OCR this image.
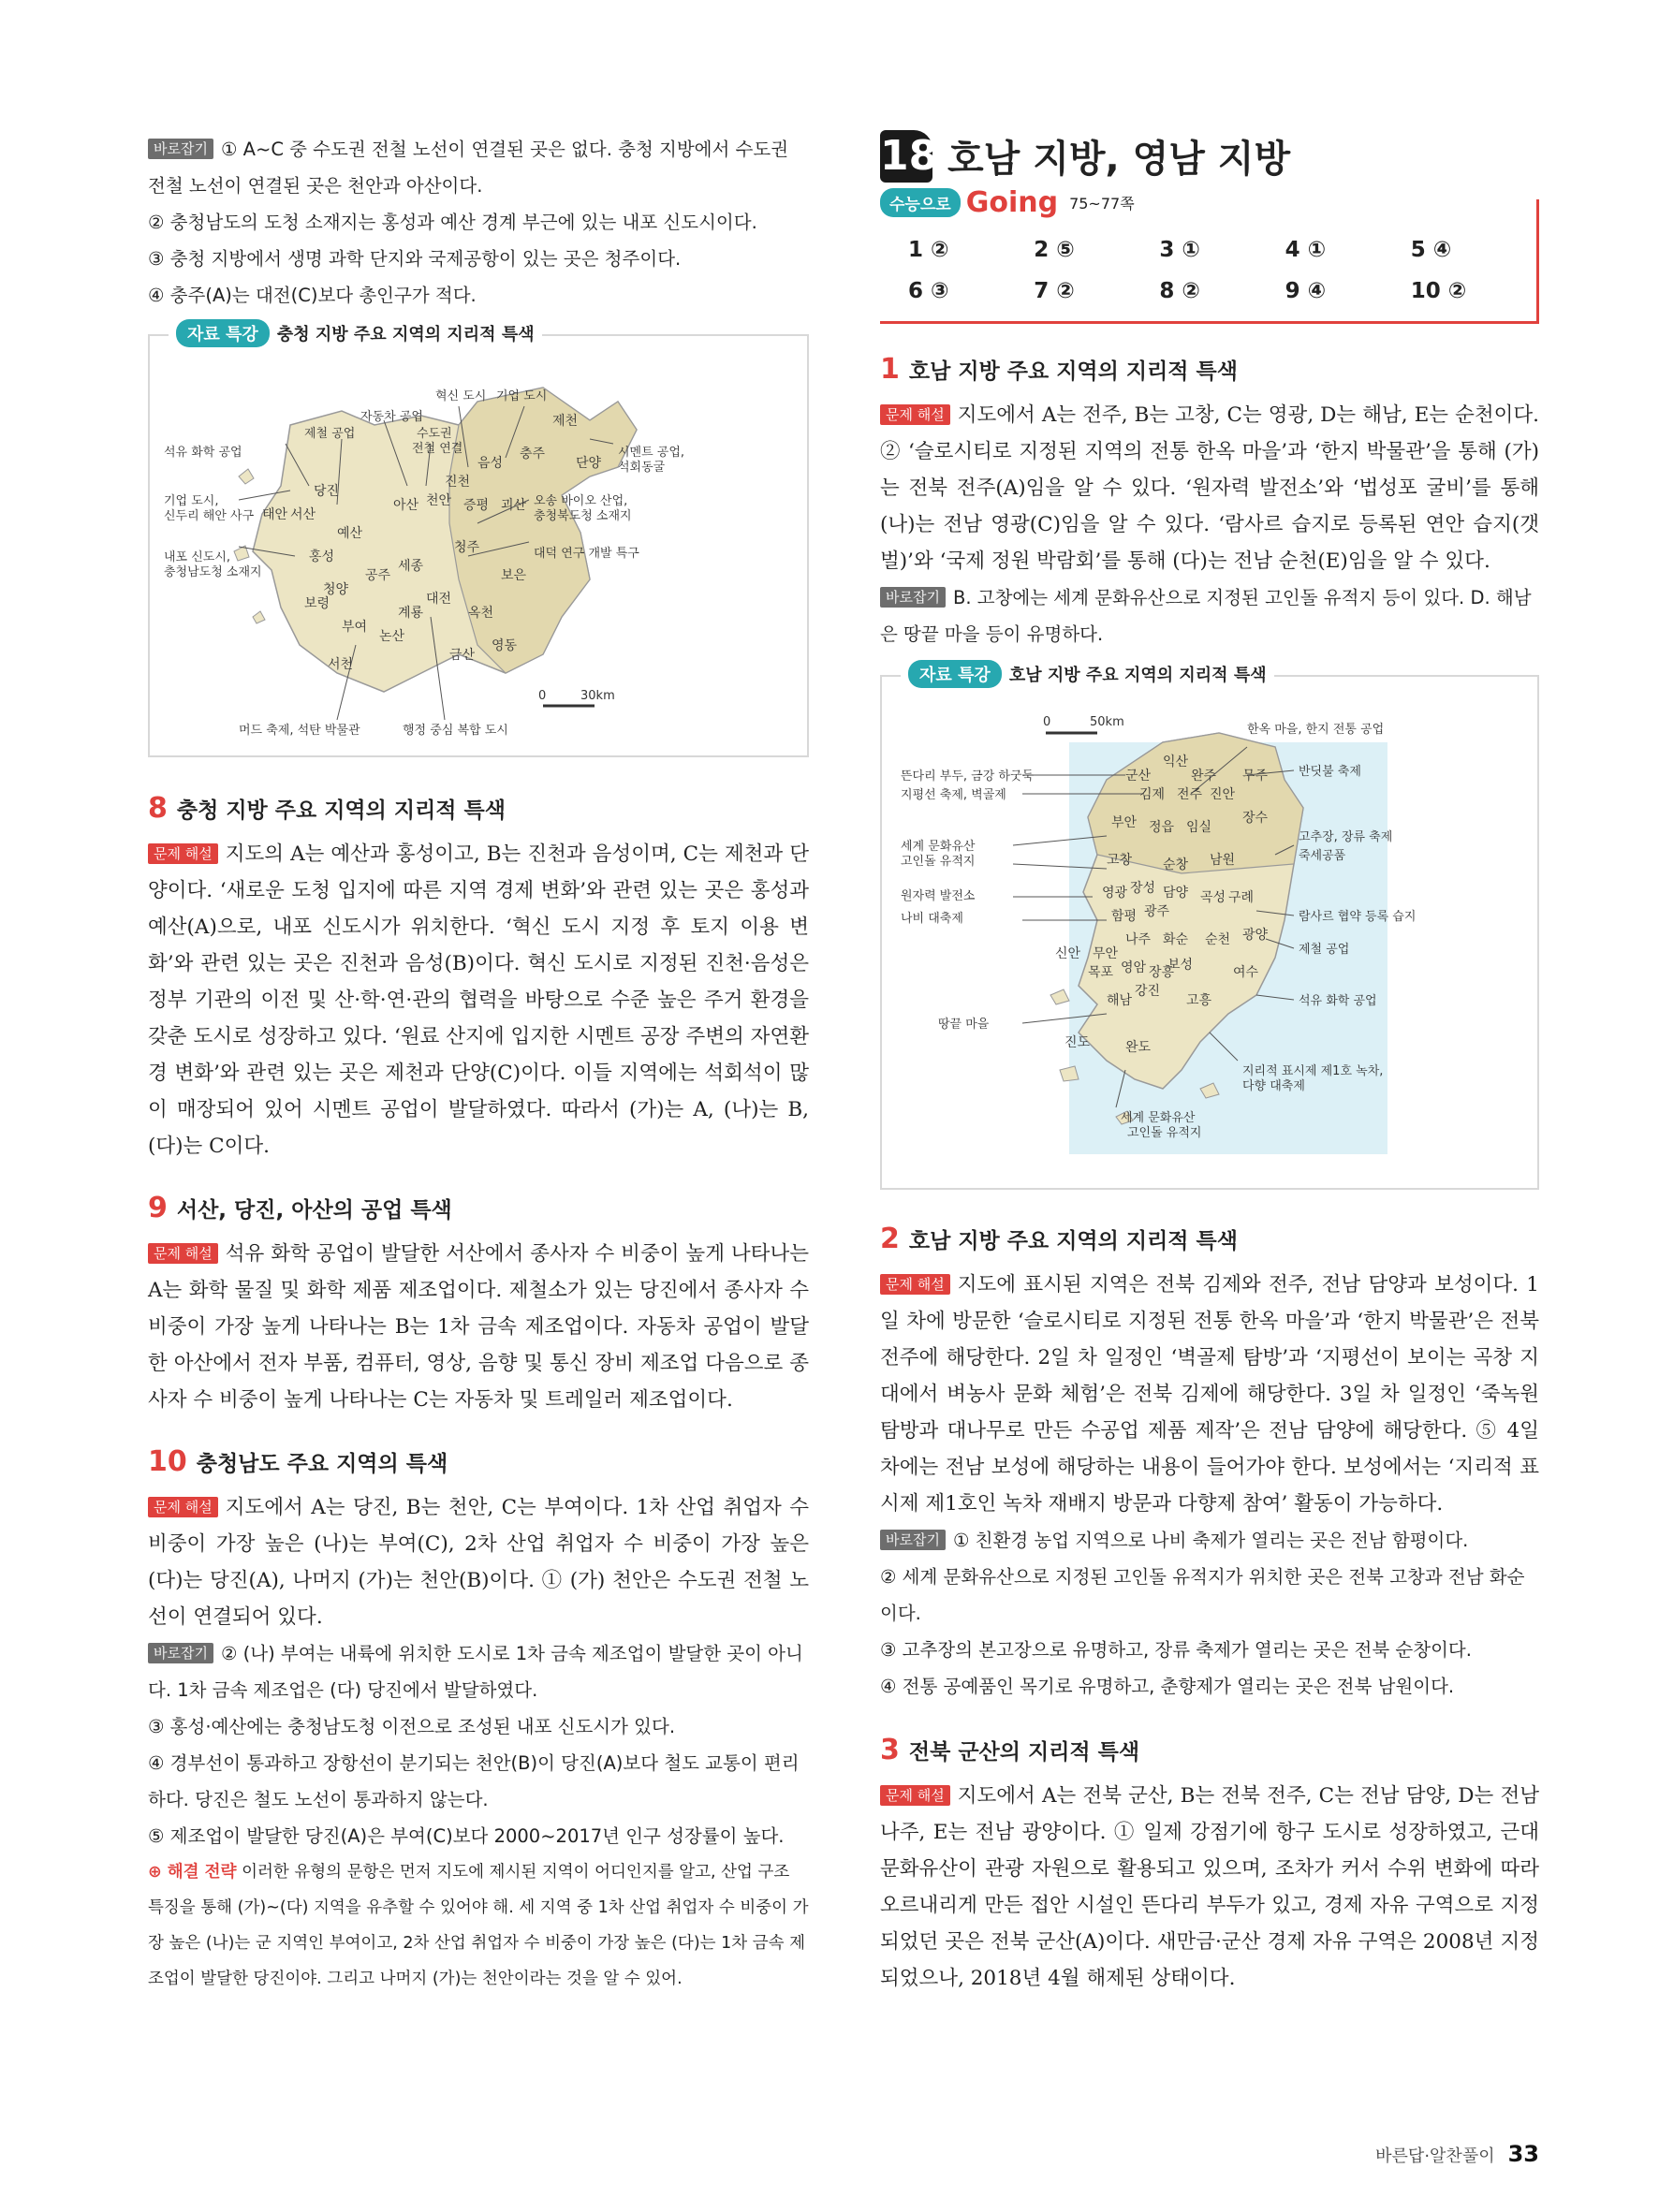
바로잡기 ① A~C 중 수도권 전철 노선이 연결된 곳은 없다. 충청 지방에서 수도권 전철 노선이 연결된 곳은 천안과 아산이다.

② 충청남도의 도청 소재지는 홍성과 예산 경계 부근에 있는 내포 신도시이다.

③ 충청 지방에서 생명 과학 단지와 국제공항이 있는 곳은 청주이다.

④ 충주(A)는 대전(C)보다 총인구가 적다.

자료 특강	충청 지방 주요 지역의 지리적 특색
혁신 도시 기업 도시
자동차 공업
제철 공업	수도권
전철 연결
석유 화학 공업
기업 도시,
신두리 해안 사구
내포 신도시,
충청남도청 소재지
시멘트 공업,
석회동굴
오송 바이오 산업,
충청북도청 소재지
대덕 연구 개발 특구
머드 축제, 석탄 박물관	행정 중심 복합 도시
0	30km
당진
서산
태안
아산 천안
예산
홍성
청양
공주
세종
보령
부여
서천
논산
계룡
대전
금산
옥천
영동
보은
청주
진천
음성
증평 괴산
충주
제천
단양

8 충청 지방 주요 지역의 지리적 특색

문제 해설 지도의 A는 예산과 홍성이고, B는 진천과 음성이며, C는 제천과 단양이다. ‘새로운 도청 입지에 따른 지역 경제 변화’와 관련 있는 곳은 홍성과 예산(A)으로, 내포 신도시가 위치한다. ‘혁신 도시 지정 후 토지 이용 변화’와 관련 있는 곳은 진천과 음성(B)이다. 혁신 도시로 지정된 진천·음성은 정부 기관의 이전 및 산·학·연·관의 협력을 바탕으로 수준 높은 주거 환경을 갖춘 도시로 성장하고 있다. ‘원료 산지에 입지한 시멘트 공장 주변의 자연환경 변화’와 관련 있는 곳은 제천과 단양(C)이다. 이들 지역에는 석회석이 많이 매장되어 있어 시멘트 공업이 발달하였다. 따라서 (가)는 A, (나)는 B, (다)는 C이다.

9 서산, 당진, 아산의 공업 특색

문제 해설 석유 화학 공업이 발달한 서산에서 종사자 수 비중이 높게 나타나는 A는 화학 물질 및 화학 제품 제조업이다. 제철소가 있는 당진에서 종사자 수 비중이 가장 높게 나타나는 B는 1차 금속 제조업이다. 자동차 공업이 발달한 아산에서 전자 부품, 컴퓨터, 영상, 음향 및 통신 장비 제조업 다음으로 종사자 수 비중이 높게 나타나는 C는 자동차 및 트레일러 제조업이다.

10 충청남도 주요 지역의 특색

문제 해설 지도에서 A는 당진, B는 천안, C는 부여이다. 1차 산업 취업자 수 비중이 가장 높은 (나)는 부여(C), 2차 산업 취업자 수 비중이 가장 높은 (다)는 당진(A), 나머지 (가)는 천안(B)이다. ① (가) 천안은 수도권 전철 노선이 연결되어 있다.

바로잡기 ② (나) 부여는 내륙에 위치한 도시로 1차 금속 제조업이 발달한 곳이 아니다. 1차 금속 제조업은 (다) 당진에서 발달하였다.

③ 홍성·예산에는 충청남도청 이전으로 조성된 내포 신도시가 있다.

④ 경부선이 통과하고 장항선이 분기되는 천안(B)이 당진(A)보다 철도 교통이 편리하다. 당진은 철도 노선이 통과하지 않는다.

⑤ 제조업이 발달한 당진(A)은 부여(C)보다 2000~2017년 인구 성장률이 높다.

⊕ 해결 전략 이러한 유형의 문항은 먼저 지도에 제시된 지역이 어디인지를 알고, 산업 구조 특징을 통해 (가)~(다) 지역을 유추할 수 있어야 해. 세 지역 중 1차 산업 취업자 수 비중이 가장 높은 (나)는 군 지역인 부여이고, 2차 산업 취업자 수 비중이 가장 높은 (다)는 1차 금속 제조업이 발달한 당진이야. 그리고 나머지 (가)는 천안이라는 것을 알 수 있어.

18 호남 지방, 영남 지방
수능으로 Going 75~77쪽
1 ②	2 ⑤	3 ①	4 ①	5 ④
6 ③	7 ②	8 ②	9 ④	10 ②

1 호남 지방 주요 지역의 지리적 특색

문제 해설 지도에서 A는 전주, B는 고창, C는 영광, D는 해남, E는 순천이다. ② ‘슬로시티로 지정된 지역의 전통 한옥 마을’과 ‘한지 박물관’을 통해 (가)는 전북 전주(A)임을 알 수 있다. ‘원자력 발전소’와 ‘법성포 굴비’를 통해 (나)는 전남 영광(C)임을 알 수 있다. ‘람사르 습지로 등록된 연안 습지(갯벌)’와 ‘국제 정원 박람회’를 통해 (다)는 전남 순천(E)임을 알 수 있다.

바로잡기 B. 고창에는 세계 문화유산으로 지정된 고인돌 유적지 등이 있다. D. 해남은 땅끝 마을 등이 유명하다.

자료 특강	호남 지방 주요 지역의 지리적 특색
0	50km
한옥 마을, 한지 전통 공업
뜬다리 부두, 금강 하굿둑
지평선 축제, 벽골제
반딧불 축제
고추장, 장류 축제
죽세공품
세계 문화유산
고인돌 유적지
원자력 발전소
나비 대축제	람사르 협약 등록 습지
제철 공업
석유 화학 공업
땅끝 마을
지리적 표시제 제1호 녹차,
다향 대축제
세계 문화유산
고인돌 유적지
군산
익산
완주 무주
김제 전주 진안
부안 정읍 임실
장수
고창 순창 남원
영광 장성 담양 곡성 구례
함평 광주
화순 순천 광양
나주
신안 무안
목포 영암 장흥
보성	여수
해남
강진
고흥
진도	완도

2 호남 지방 주요 지역의 지리적 특색

문제 해설 지도에 표시된 지역은 전북 김제와 전주, 전남 담양과 보성이다. 1일 차에 방문한 ‘슬로시티로 지정된 전통 한옥 마을’과 ‘한지 박물관’은 전북 전주에 해당한다. 2일 차 일정인 ‘벽골제 탐방’과 ‘지평선이 보이는 곡창 지대에서 벼농사 문화 체험’은 전북 김제에 해당한다. 3일 차 일정인 ‘죽녹원 탐방과 대나무로 만든 수공업 제품 제작’은 전남 담양에 해당한다. ⑤ 4일 차에는 전남 보성에 해당하는 내용이 들어가야 한다. 보성에서는 ‘지리적 표시제 제1호인 녹차 재배지 방문과 다향제 참여’ 활동이 가능하다.

바로잡기 ① 친환경 농업 지역으로 나비 축제가 열리는 곳은 전남 함평이다.

② 세계 문화유산으로 지정된 고인돌 유적지가 위치한 곳은 전북 고창과 전남 화순이다.

③ 고추장의 본고장으로 유명하고, 장류 축제가 열리는 곳은 전북 순창이다.

④ 전통 공예품인 목기로 유명하고, 춘향제가 열리는 곳은 전북 남원이다.

3 전북 군산의 지리적 특색

문제 해설 지도에서 A는 전북 군산, B는 전북 전주, C는 전남 담양, D는 전남 나주, E는 전남 광양이다. ① 일제 강점기에 항구 도시로 성장하였고, 근대 문화유산이 관광 자원으로 활용되고 있으며, 조차가 커서 수위 변화에 따라 오르내리게 만든 접안 시설인 뜬다리 부두가 있고, 경제 자유 구역으로 지정되었던 곳은 전북 군산(A)이다. 새만금·군산 경제 자유 구역은 2008년 지정되었으나, 2018년 4월 해제된 상태이다.

바른답·알찬풀이 33
